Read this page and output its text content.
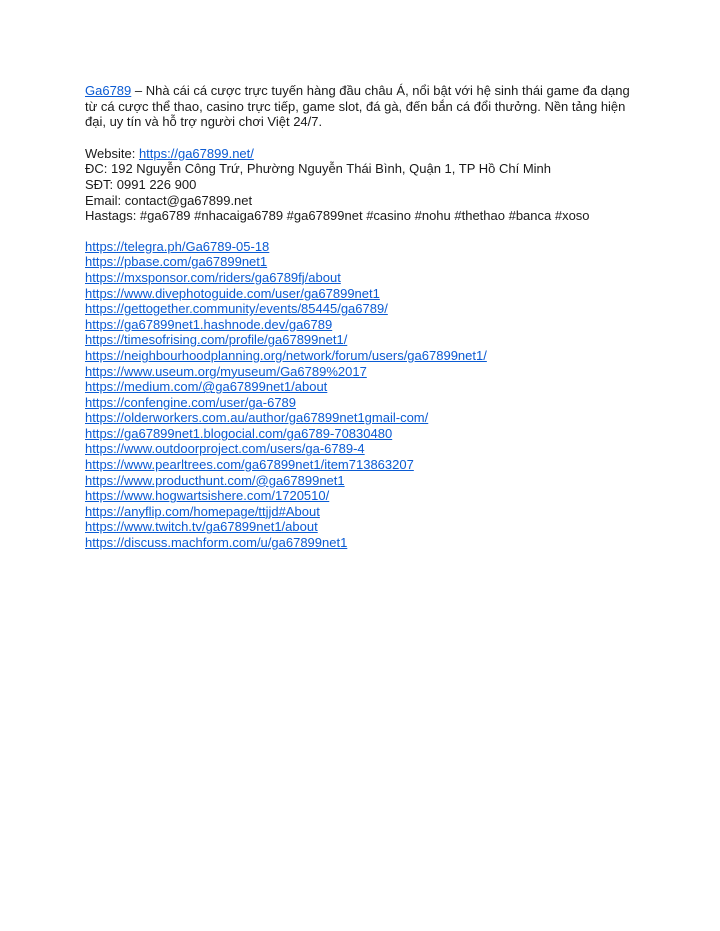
Ga6789 – Nhà cái cá cược trực tuyến hàng đầu châu Á, nổi bật với hệ sinh thái game đa dạng từ cá cược thể thao, casino trực tiếp, game slot, đá gà, đến bắn cá đổi thưởng. Nền tảng hiện đại, uy tín và hỗ trợ người chơi Việt 24/7.

Website: https://ga67899.net/
ĐC: 192 Nguyễn Công Trứ, Phường Nguyễn Thái Bình, Quận 1, TP Hồ Chí Minh
SĐT: 0991 226 900
Email: contact@ga67899.net
Hastags: #ga6789 #nhacaiga6789 #ga67899net #casino #nohu #thethao #banca #xoso
https://telegra.ph/Ga6789-05-18
https://pbase.com/ga67899net1
https://mxsponsor.com/riders/ga6789fj/about
https://www.divephotoguide.com/user/ga67899net1
https://gettogether.community/events/85445/ga6789/
https://ga67899net1.hashnode.dev/ga6789
https://timesofrising.com/profile/ga67899net1/
https://neighbourhoodplanning.org/network/forum/users/ga67899net1/
https://www.useum.org/myuseum/Ga6789%2017
https://medium.com/@ga67899net1/about
https://confengine.com/user/ga-6789
https://olderworkers.com.au/author/ga67899net1gmail-com/
https://ga67899net1.blogocial.com/ga6789-70830480
https://www.outdoorproject.com/users/ga-6789-4
https://www.pearltrees.com/ga67899net1/item713863207
https://www.producthunt.com/@ga67899net1
https://www.hogwartsishere.com/1720510/
https://anyflip.com/homepage/ttjjd#About
https://www.twitch.tv/ga67899net1/about
https://discuss.machform.com/u/ga67899net1
